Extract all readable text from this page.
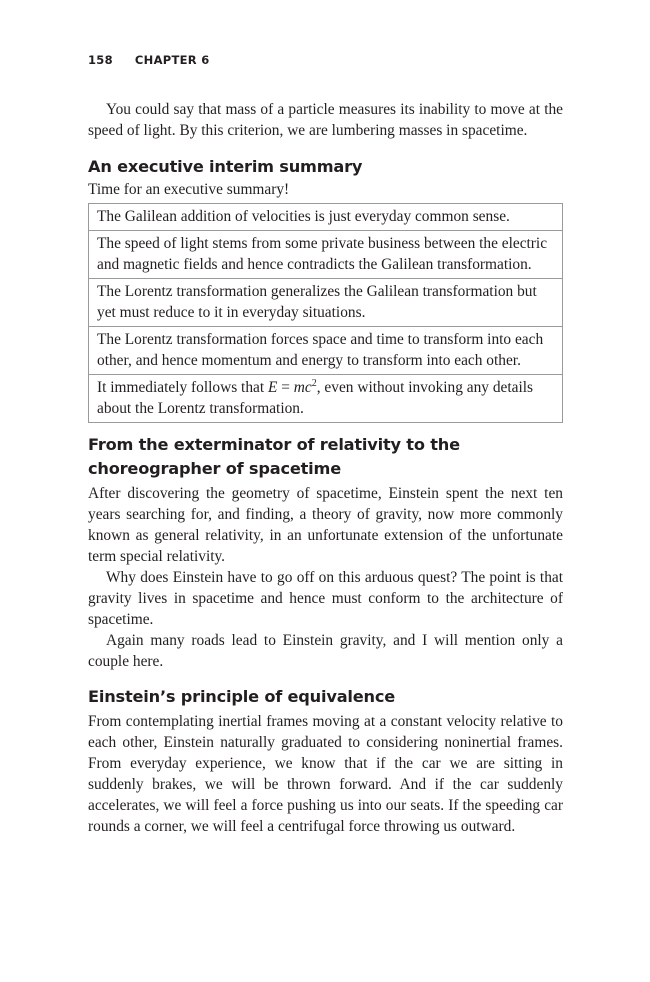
158 CHAPTER 6

You could say that mass of a particle measures its inability to move at the speed of light. By this criterion, we are lumbering masses in spacetime.

An executive interim summary

Time for an executive summary!

The Galilean addition of velocities is just everyday common sense.
The speed of light stems from some private business between the electric and magnetic fields and hence contradicts the Galilean transformation.
The Lorentz transformation generalizes the Galilean transformation but yet must reduce to it in everyday situations.
The Lorentz transformation forces space and time to transform into each other, and hence momentum and energy to transform into each other.
It immediately follows that $E = mc^2$, even without invoking any details about the Lorentz transformation.
From the exterminator of relativity to the choreographer of spacetime

After discovering the geometry of spacetime, Einstein spent the next ten years searching for, and finding, a theory of gravity, now more commonly known as general relativity, in an unfortunate extension of the unfortunate term special relativity.

Why does Einstein have to go off on this arduous quest? The point is that gravity lives in spacetime and hence must conform to the architecture of spacetime.

Again many roads lead to Einstein gravity, and I will mention only a couple here.

Einstein’s principle of equivalence

From contemplating inertial frames moving at a constant velocity relative to each other, Einstein naturally graduated to considering noninertial frames. From everyday experience, we know that if the car we are sitting in suddenly brakes, we will be thrown forward. And if the car suddenly accelerates, we will feel a force pushing us into our seats. If the speeding car rounds a corner, we will feel a centrifugal force throwing us outward.
